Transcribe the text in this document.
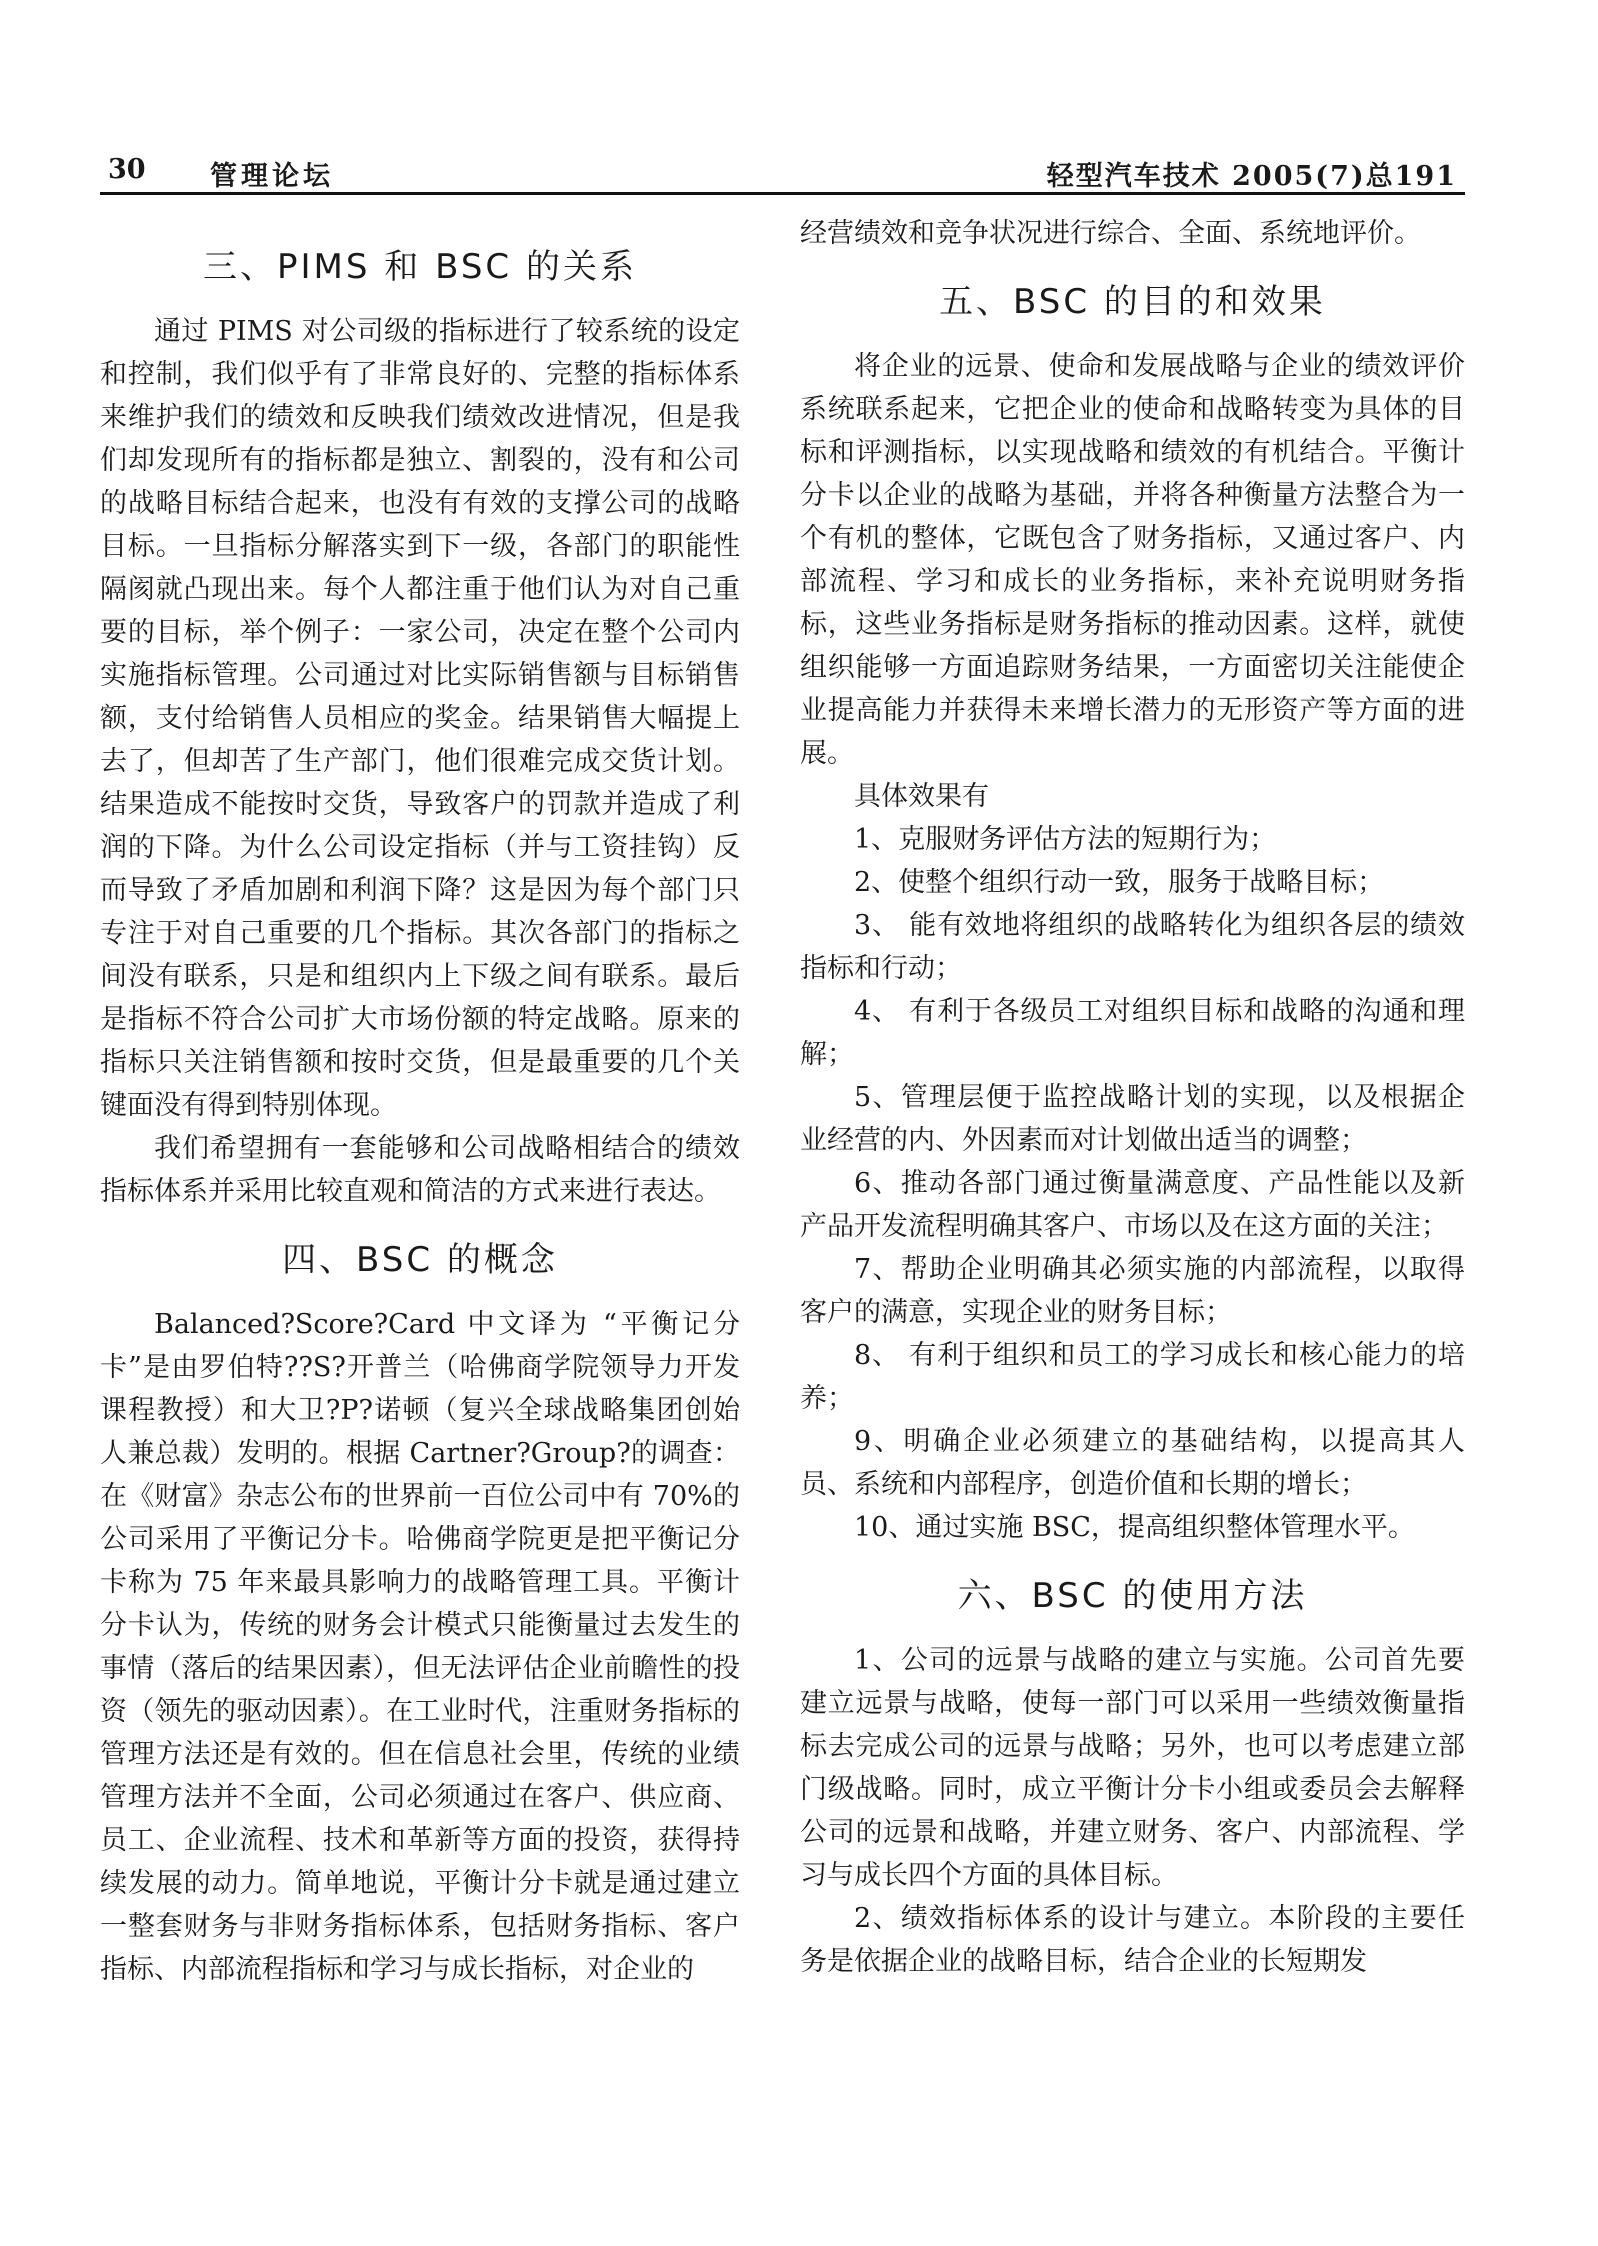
30 管理论坛	轻型汽车技术 2005(7)总191
三、PIMS 和 BSC 的关系

通过 PIMS 对公司级的指标进行了较系统的设定和控制，我们似乎有了非常良好的、完整的指标体系来维护我们的绩效和反映我们绩效改进情况，但是我们却发现所有的指标都是独立、割裂的，没有和公司的战略目标结合起来，也没有有效的支撑公司的战略目标。一旦指标分解落实到下一级，各部门的职能性隔阂就凸现出来。每个人都注重于他们认为对自己重要的目标，举个例子：一家公司，决定在整个公司内实施指标管理。公司通过对比实际销售额与目标销售额，支付给销售人员相应的奖金。结果销售大幅提上去了，但却苦了生产部门，他们很难完成交货计划。结果造成不能按时交货，导致客户的罚款并造成了利润的下降。为什么公司设定指标（并与工资挂钩）反而导致了矛盾加剧和利润下降？这是因为每个部门只专注于对自己重要的几个指标。其次各部门的指标之间没有联系，只是和组织内上下级之间有联系。最后是指标不符合公司扩大市场份额的特定战略。原来的指标只关注销售额和按时交货，但是最重要的几个关键面没有得到特别体现。

我们希望拥有一套能够和公司战略相结合的绩效指标体系并采用比较直观和简洁的方式来进行表达。

四、BSC 的概念

Balanced?Score?Card 中文译为 “平衡记分卡”是由罗伯特??S?开普兰（哈佛商学院领导力开发课程教授）和大卫?P?诺顿（复兴全球战略集团创始人兼总裁）发明的。根据 Cartner?Group?的调查：在《财富》杂志公布的世界前一百位公司中有 70%的公司采用了平衡记分卡。哈佛商学院更是把平衡记分卡称为 75 年来最具影响力的战略管理工具。平衡计分卡认为，传统的财务会计模式只能衡量过去发生的事情（落后的结果因素），但无法评估企业前瞻性的投资（领先的驱动因素）。在工业时代，注重财务指标的管理方法还是有效的。但在信息社会里，传统的业绩管理方法并不全面，公司必须通过在客户、供应商、员工、企业流程、技术和革新等方面的投资，获得持续发展的动力。简单地说，平衡计分卡就是通过建立一整套财务与非财务指标体系，包括财务指标、客户指标、内部流程指标和学习与成长指标，对企业的

经营绩效和竞争状况进行综合、全面、系统地评价。

五、BSC 的目的和效果

将企业的远景、使命和发展战略与企业的绩效评价系统联系起来，它把企业的使命和战略转变为具体的目标和评测指标，以实现战略和绩效的有机结合。平衡计分卡以企业的战略为基础，并将各种衡量方法整合为一个有机的整体，它既包含了财务指标，又通过客户、内部流程、学习和成长的业务指标，来补充说明财务指标，这些业务指标是财务指标的推动因素。这样，就使组织能够一方面追踪财务结果，一方面密切关注能使企业提高能力并获得未来增长潜力的无形资产等方面的进展。

具体效果有

1、克服财务评估方法的短期行为；

2、使整个组织行动一致，服务于战略目标；

3、 能有效地将组织的战略转化为组织各层的绩效指标和行动；

4、 有利于各级员工对组织目标和战略的沟通和理解；

5、管理层便于监控战略计划的实现，以及根据企业经营的内、外因素而对计划做出适当的调整；

6、推动各部门通过衡量满意度、产品性能以及新产品开发流程明确其客户、市场以及在这方面的关注；

7、帮助企业明确其必须实施的内部流程，以取得客户的满意，实现企业的财务目标；

8、 有利于组织和员工的学习成长和核心能力的培养；

9、明确企业必须建立的基础结构，以提高其人员、系统和内部程序，创造价值和长期的增长；

10、通过实施 BSC，提高组织整体管理水平。

六、BSC 的使用方法

1、公司的远景与战略的建立与实施。公司首先要建立远景与战略，使每一部门可以采用一些绩效衡量指标去完成公司的远景与战略；另外，也可以考虑建立部门级战略。同时，成立平衡计分卡小组或委员会去解释公司的远景和战略，并建立财务、客户、内部流程、学习与成长四个方面的具体目标。

2、绩效指标体系的设计与建立。本阶段的主要任务是依据企业的战略目标，结合企业的长短期发
